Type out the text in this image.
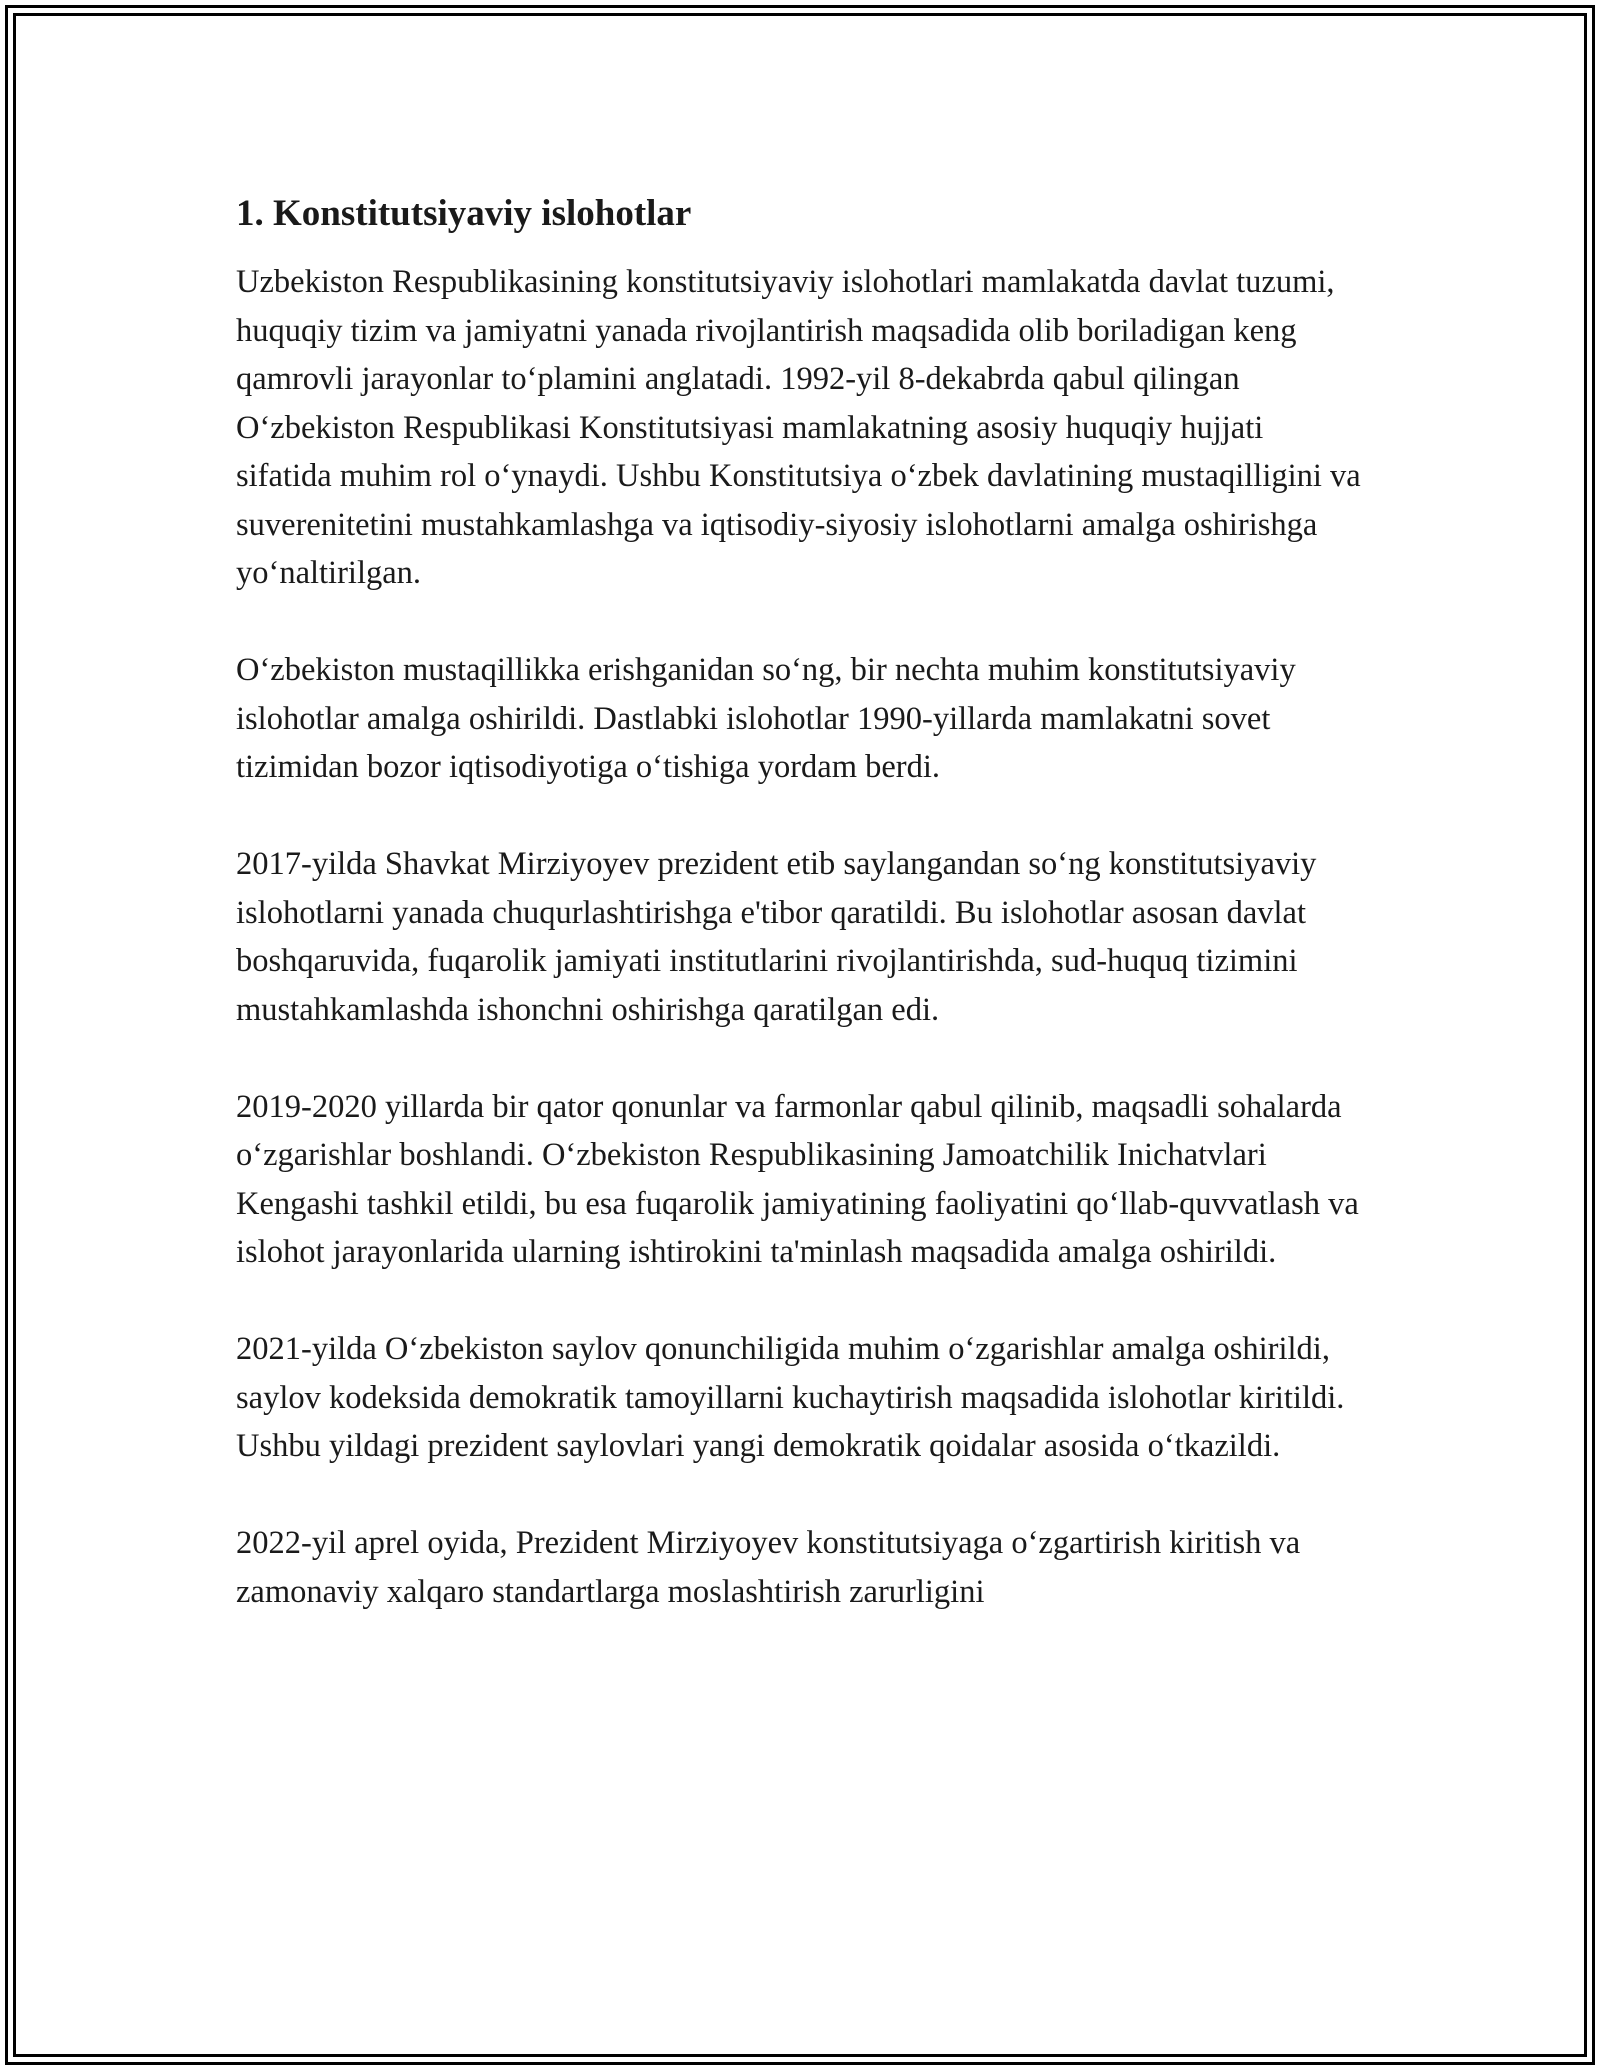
1. Konstitutsiyaviy islohotlar

Uzbekiston Respublikasining konstitutsiyaviy islohotlari mamlakatda davlat tuzumi, huquqiy tizim va jamiyatni yanada rivojlantirish maqsadida olib boriladigan keng qamrovli jarayonlar to‘plamini anglatadi. 1992-yil 8-dekabrda qabul qilingan O‘zbekiston Respublikasi Konstitutsiyasi mamlakatning asosiy huquqiy hujjati sifatida muhim rol o‘ynaydi. Ushbu Konstitutsiya o‘zbek davlatining mustaqilligini va suverenitetini mustahkamlashga va iqtisodiy-siyosiy islohotlarni amalga oshirishga yo‘naltirilgan.

O‘zbekiston mustaqillikka erishganidan so‘ng, bir nechta muhim konstitutsiyaviy islohotlar amalga oshirildi. Dastlabki islohotlar 1990-yillarda mamlakatni sovet tizimidan bozor iqtisodiyotiga o‘tishiga yordam berdi.

2017-yilda Shavkat Mirziyoyev prezident etib saylangandan so‘ng konstitutsiyaviy islohotlarni yanada chuqurlashtirishga e'tibor qaratildi. Bu islohotlar asosan davlat boshqaruvida, fuqarolik jamiyati institutlarini rivojlantirishda, sud-huquq tizimini mustahkamlashda ishonchni oshirishga qaratilgan edi.

2019-2020 yillarda bir qator qonunlar va farmonlar qabul qilinib, maqsadli sohalarda o‘zgarishlar boshlandi. O‘zbekiston Respublikasining Jamoatchilik Inichatvlari Kengashi tashkil etildi, bu esa fuqarolik jamiyatining faoliyatini qo‘llab-quvvatlash va islohot jarayonlarida ularning ishtirokini ta'minlash maqsadida amalga oshirildi.

2021-yilda O‘zbekiston saylov qonunchiligida muhim o‘zgarishlar amalga oshirildi, saylov kodeksida demokratik tamoyillarni kuchaytirish maqsadida islohotlar kiritildi. Ushbu yildagi prezident saylovlari yangi demokratik qoidalar asosida o‘tkazildi.

2022-yil aprel oyida, Prezident Mirziyoyev konstitutsiyaga o‘zgartirish kiritish va zamonaviy xalqaro standartlarga moslashtirish zarurligini
